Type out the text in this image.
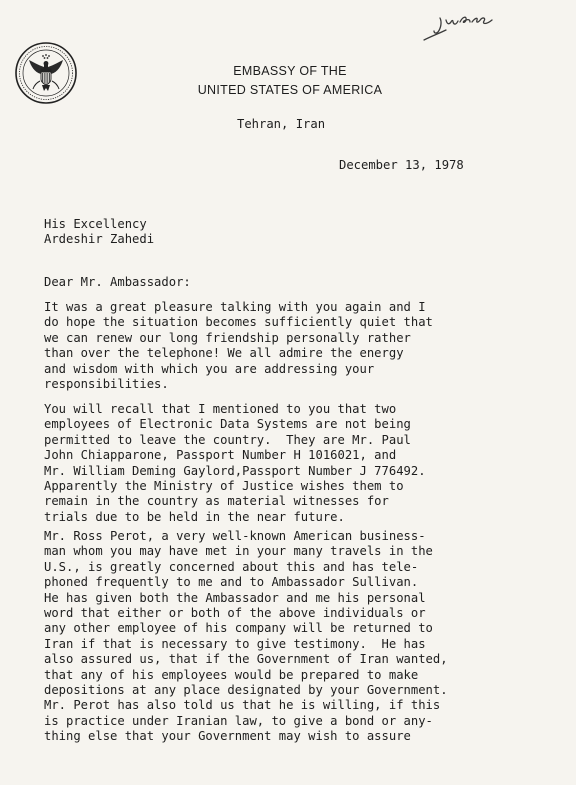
EMBASSY OF THE
UNITED STATES OF AMERICA
Tehran, Iran
December 13, 1978
His Excellency
Ardeshir Zahedi
Dear Mr. Ambassador:
It was a great pleasure talking with you again and I
do hope the situation becomes sufficiently quiet that
we can renew our long friendship personally rather
than over the telephone! We all admire the energy
and wisdom with which you are addressing your
responsibilities.
You will recall that I mentioned to you that two
employees of Electronic Data Systems are not being
permitted to leave the country.  They are Mr. Paul
John Chiapparone, Passport Number H 1016021, and
Mr. William Deming Gaylord,Passport Number J 776492.
Apparently the Ministry of Justice wishes them to
remain in the country as material witnesses for
trials due to be held in the near future.
Mr. Ross Perot, a very well-known American business-
man whom you may have met in your many travels in the
U.S., is greatly concerned about this and has tele-
phoned frequently to me and to Ambassador Sullivan.
He has given both the Ambassador and me his personal
word that either or both of the above individuals or
any other employee of his company will be returned to
Iran if that is necessary to give testimony.  He has
also assured us, that if the Government of Iran wanted,
that any of his employees would be prepared to make
depositions at any place designated by your Government.
Mr. Perot has also told us that he is willing, if this
is practice under Iranian law, to give a bond or any-
thing else that your Government may wish to assure
